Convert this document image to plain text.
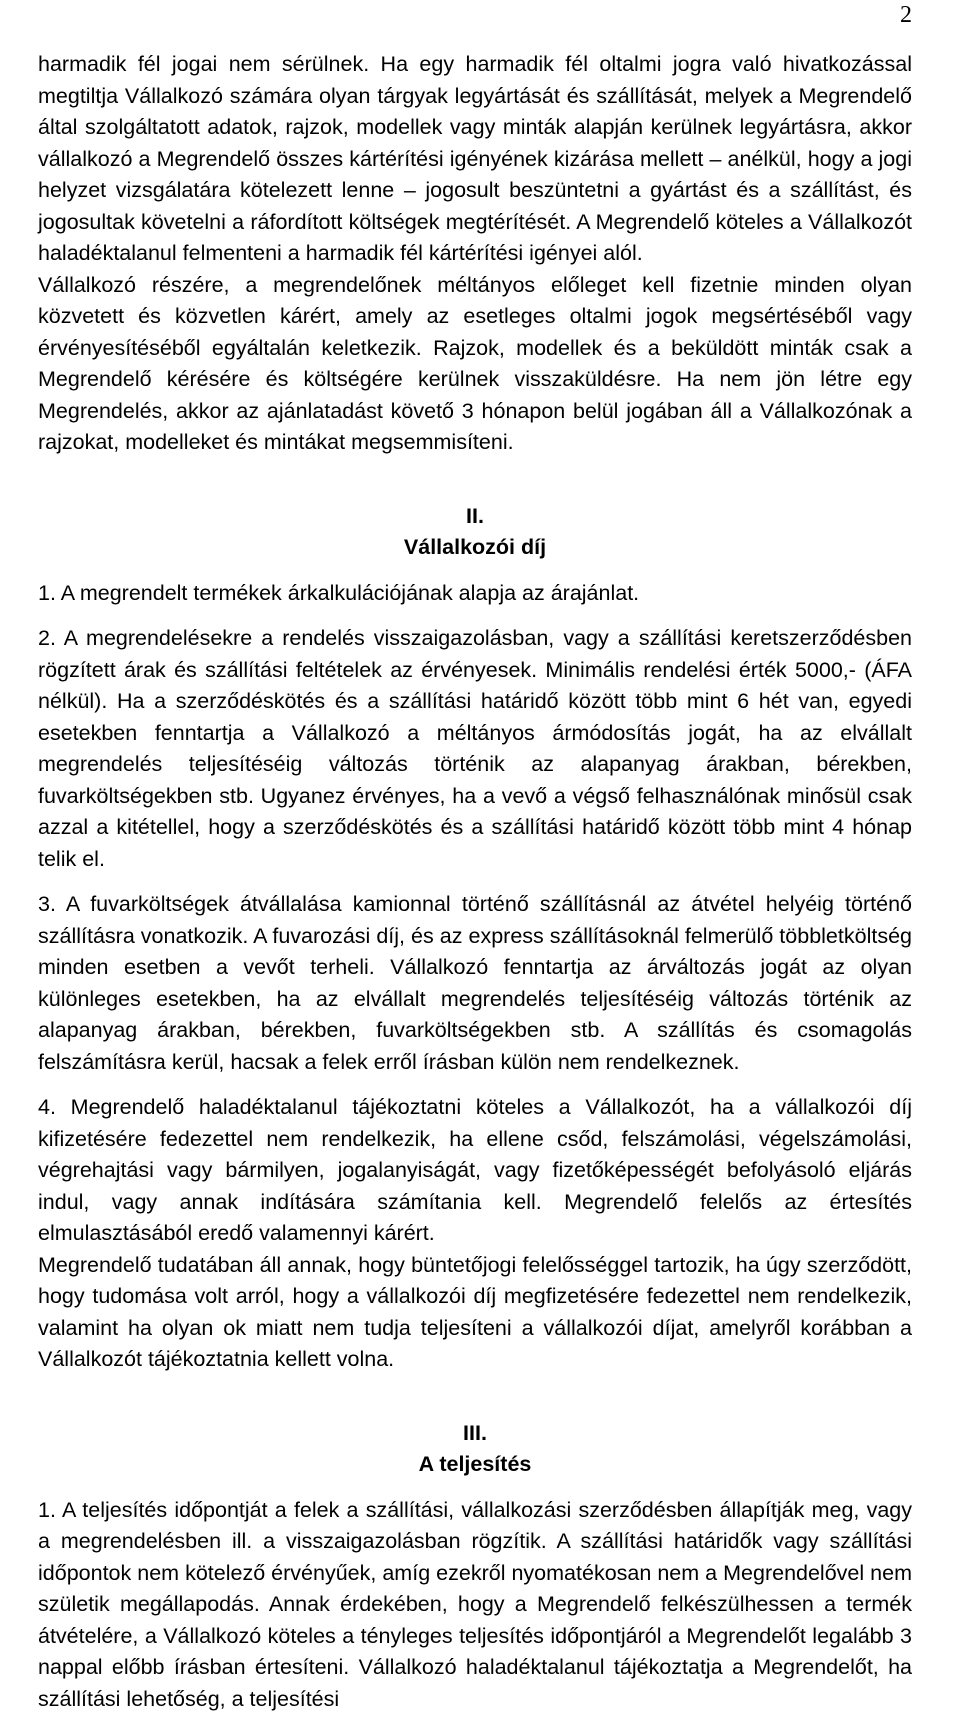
2

harmadik fél jogai nem sérülnek. Ha egy harmadik fél oltalmi jogra való hivatkozással megtiltja Vállalkozó számára olyan tárgyak legyártását és szállítását, melyek a Megrendelő által szolgáltatott adatok, rajzok, modellek vagy minták alapján kerülnek legyártásra, akkor vállalkozó a Megrendelő összes kártérítési igényének kizárása mellett – anélkül, hogy a jogi helyzet vizsgálatára kötelezett lenne – jogosult beszüntetni a gyártást és a szállítást, és jogosultak követelni a ráfordított költségek megtérítését. A Megrendelő köteles a Vállalkozót haladéktalanul felmenteni a harmadik fél kártérítési igényei alól.

Vállalkozó részére, a megrendelőnek méltányos előleget kell fizetnie minden olyan közvetett és közvetlen kárért, amely az esetleges oltalmi jogok megsértéséből vagy érvényesítéséből egyáltalán keletkezik. Rajzok, modellek és a beküldött minták csak a Megrendelő kérésére és költségére kerülnek visszaküldésre. Ha nem jön létre egy Megrendelés, akkor az ajánlatadást követő 3 hónapon belül jogában áll a Vállalkozónak a rajzokat, modelleket és mintákat megsemmisíteni.

II.

Vállalkozói díj

1. A megrendelt termékek árkalkulációjának alapja az árajánlat.

2. A megrendelésekre a rendelés visszaigazolásban, vagy a szállítási keretszerződésben rögzített árak és szállítási feltételek az érvényesek. Minimális rendelési érték 5000,- (ÁFA nélkül). Ha a szerződéskötés és a szállítási határidő között több mint 6 hét van, egyedi esetekben fenntartja a Vállalkozó a méltányos ármódosítás jogát, ha az elvállalt megrendelés teljesítéséig változás történik az alapanyag árakban, bérekben, fuvarköltségekben stb. Ugyanez érvényes, ha a vevő a végső felhasználónak minősül csak azzal a kitétellel, hogy a szerződéskötés és a szállítási határidő között több mint 4 hónap telik el.

3. A fuvarköltségek átvállalása kamionnal történő szállításnál az átvétel helyéig történő szállításra vonatkozik. A fuvarozási díj, és az express szállításoknál felmerülő többletköltség minden esetben a vevőt terheli. Vállalkozó fenntartja az árváltozás jogát az olyan különleges esetekben, ha az elvállalt megrendelés teljesítéséig változás történik az alapanyag árakban, bérekben, fuvarköltségekben stb. A szállítás és csomagolás felszámításra kerül, hacsak a felek erről írásban külön nem rendelkeznek.

4. Megrendelő haladéktalanul tájékoztatni köteles a Vállalkozót, ha a vállalkozói díj kifizetésére fedezettel nem rendelkezik, ha ellene csőd, felszámolási, végelszámolási, végrehajtási vagy bármilyen, jogalanyiságát, vagy fizetőképességét befolyásoló eljárás indul, vagy annak indítására számítania kell. Megrendelő felelős az értesítés elmulasztásából eredő valamennyi kárért.

Megrendelő tudatában áll annak, hogy büntetőjogi felelősséggel tartozik, ha úgy szerződött, hogy tudomása volt arról, hogy a vállalkozói díj megfizetésére fedezettel nem rendelkezik, valamint ha olyan ok miatt nem tudja teljesíteni a vállalkozói díjat, amelyről korábban a Vállalkozót tájékoztatnia kellett volna.

III.

A teljesítés

1. A teljesítés időpontját a felek a szállítási, vállalkozási szerződésben állapítják meg, vagy a megrendelésben ill. a visszaigazolásban rögzítik. A szállítási határidők vagy szállítási időpontok nem kötelező érvényűek, amíg ezekről nyomatékosan nem a Megrendelővel nem születik megállapodás. Annak érdekében, hogy a Megrendelő felkészülhessen a termék átvételére, a Vállalkozó köteles a tényleges teljesítés időpontjáról a Megrendelőt legalább 3 nappal előbb írásban értesíteni. Vállalkozó haladéktalanul tájékoztatja a Megrendelőt, ha szállítási lehetőség, a teljesítési
